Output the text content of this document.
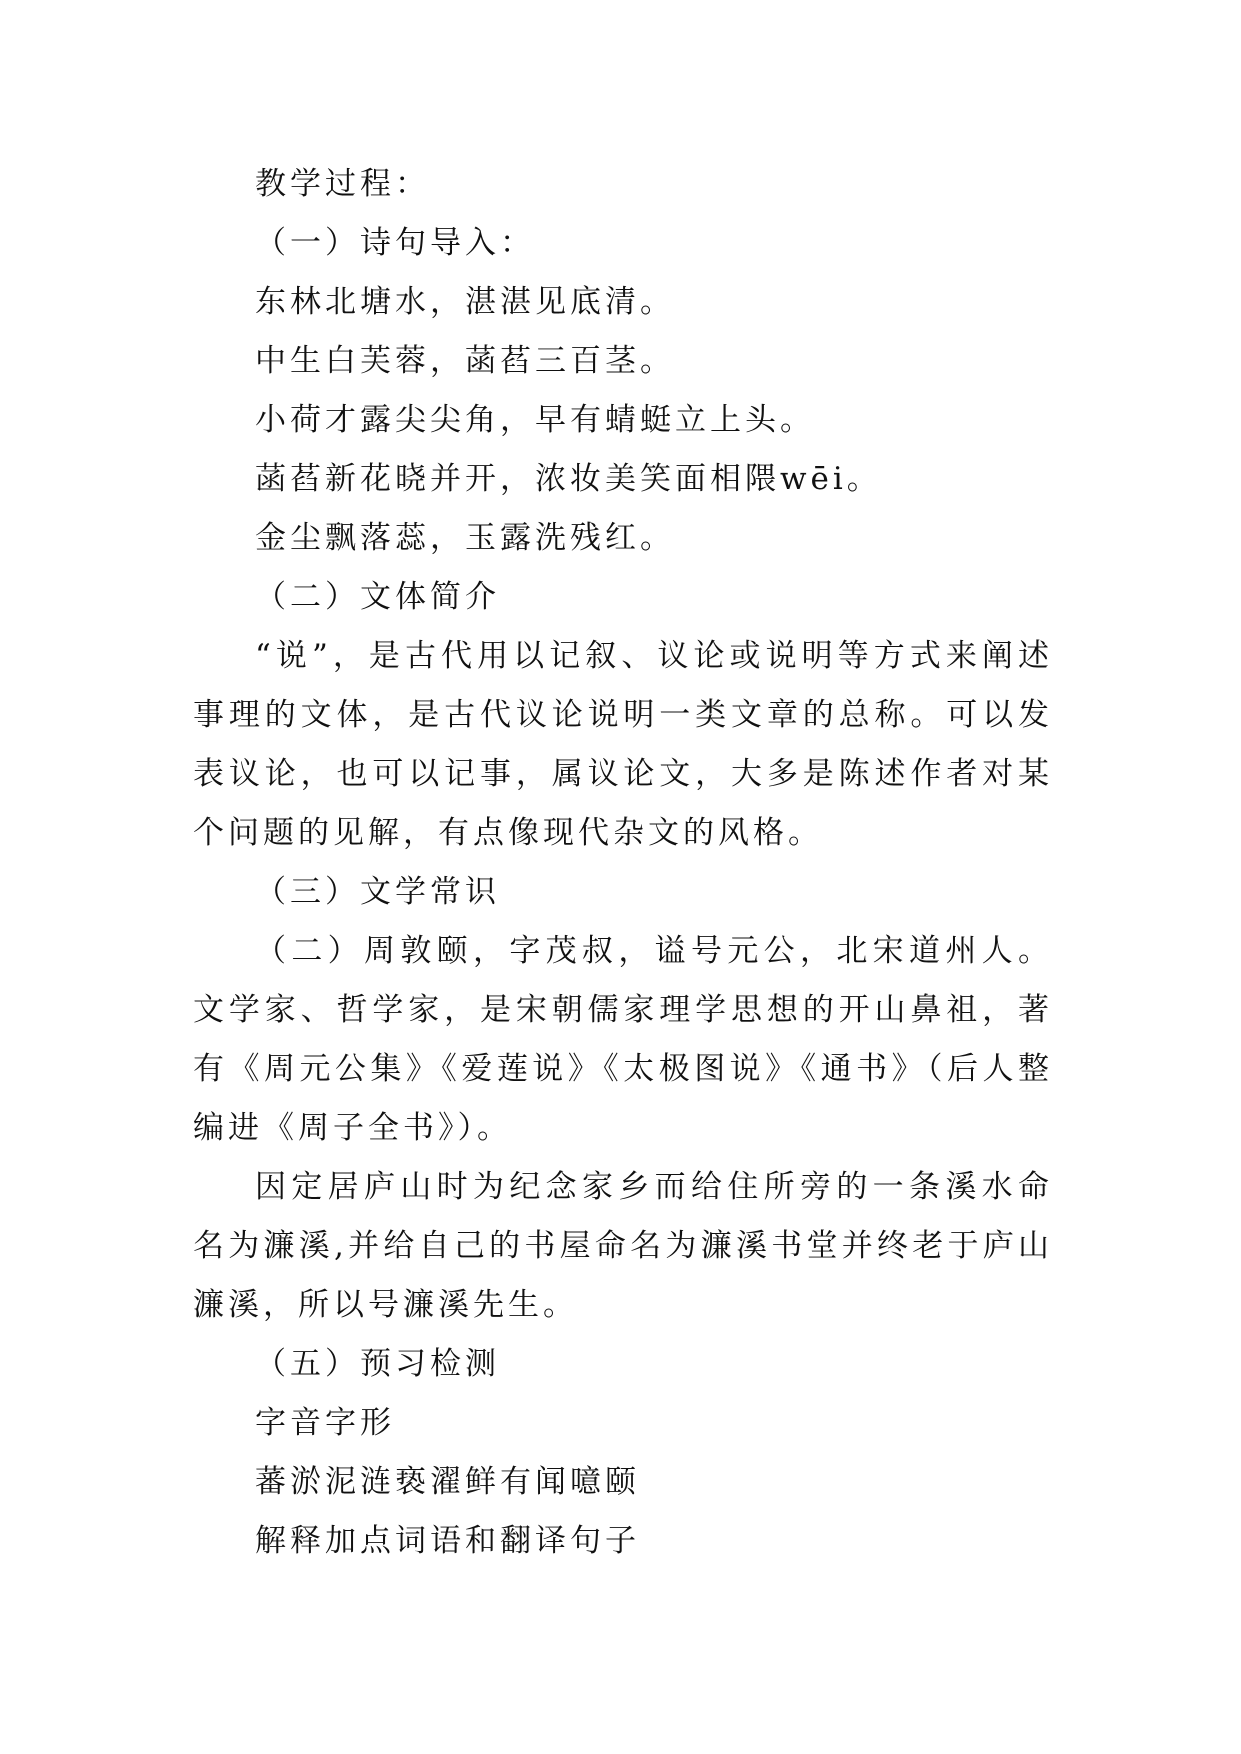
教学过程：

（一）诗句导入：

东林北塘水，湛湛见底清。

中生白芙蓉，菡萏三百茎。

小荷才露尖尖角，早有蜻蜓立上头。

菡萏新花晓并开，浓妆美笑面相隈wēi。

金尘飘落蕊，玉露洗残红。

（二）文体简介

“说”，是古代用以记叙、议论或说明等方式来阐述事理的文体，是古代议论说明一类文章的总称。可以发表议论，也可以记事，属议论文，大多是陈述作者对某个问题的见解，有点像现代杂文的风格。

（三）文学常识

（二）周敦颐，字茂叔，谥号元公，北宋道州人。文学家、哲学家，是宋朝儒家理学思想的开山鼻祖，著有《周元公集》《爱莲说》《太极图说》《通书》（后人整编进《周子全书》）。

因定居庐山时为纪念家乡而给住所旁的一条溪水命名为濂溪,并给自己的书屋命名为濂溪书堂并终老于庐山濂溪，所以号濂溪先生。

（五）预习检测

字音字形

蕃淤泥涟亵濯鲜有闻噫颐

解释加点词语和翻译句子
